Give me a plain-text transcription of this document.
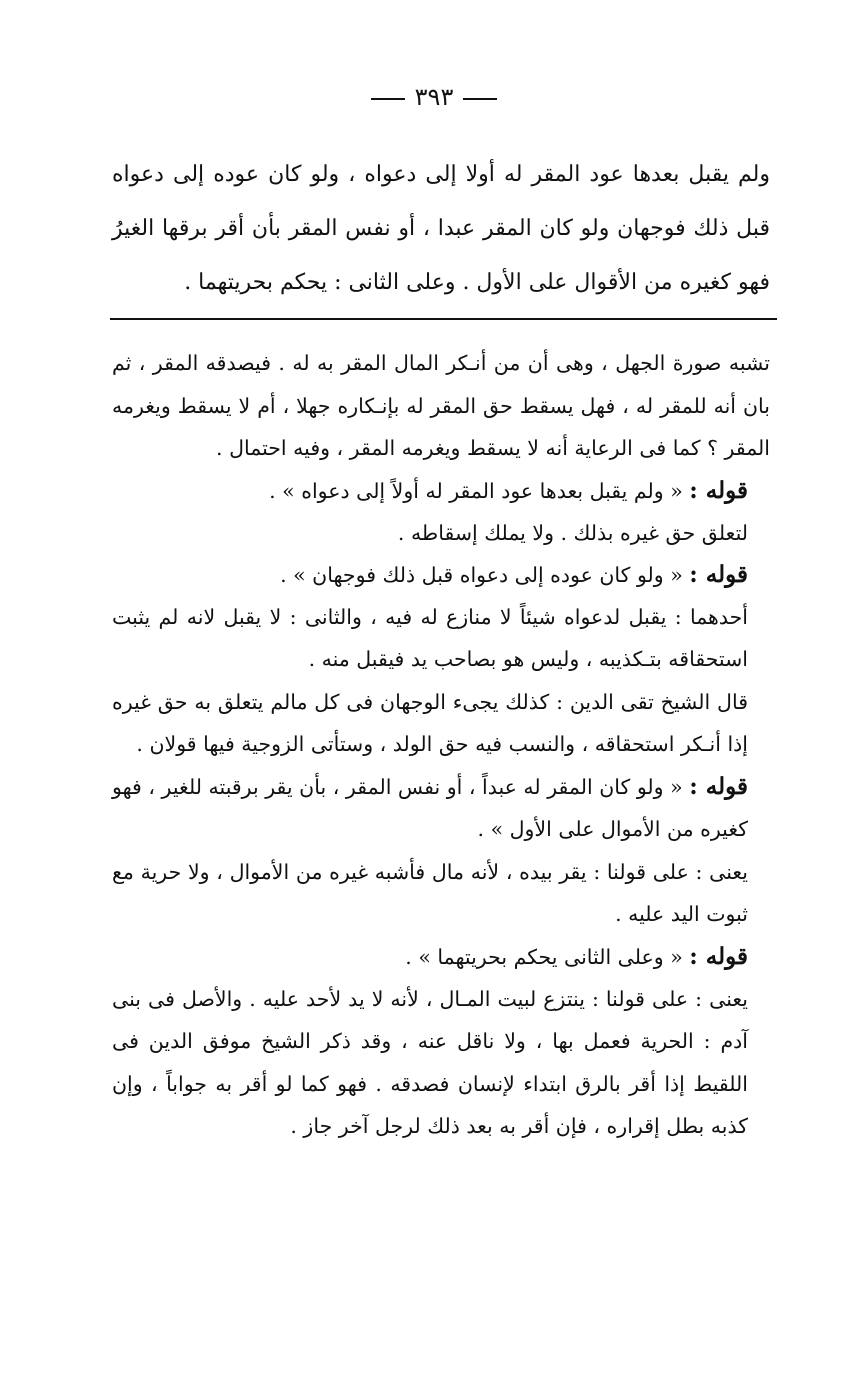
٣٩٣
ولم يقبل بعدها عود المقر له أولا إلى دعواه ، ولو كان عوده إلى دعواه قبل ذلك فوجهان ولو كان المقر عبدا ، أو نفس المقر بأن أقر برقها الغيرُ فهو كغيره من الأقوال على الأول . وعلى الثانى : يحكم بحريتهما .

تشبه صورة الجهل ، وهى أن من أنـكر المال المقر به له . فيصدقه المقر ، ثم بان أنه للمقر له ، فهل يسقط حق المقر له بإنـكاره جهلا ، أم لا يسقط ويغرمه المقر ؟ كما فى الرعاية أنه لا يسقط ويغرمه المقر ، وفيه احتمال .

قوله : « ولم يقبل بعدها عود المقر له أولاً إلى دعواه » .

لتعلق حق غيره بذلك . ولا يملك إسقاطه .

قوله : « ولو كان عوده إلى دعواه قبل ذلك فوجهان » .

أحدهما : يقبل لدعواه شيئاً لا منازع له فيه ، والثانى : لا يقبل لانه لم يثبت استحقاقه بتـكذيبه ، وليس هو بصاحب يد فيقبل منه .

قال الشيخ تقى الدين : كذلك يجىء الوجهان فى كل مالم يتعلق به حق غيره إذا أنـكر استحقاقه ، والنسب فيه حق الولد ، وستأتى الزوجية فيها قولان .

قوله : « ولو كان المقر له عبداً ، أو نفس المقر ، بأن يقر برقبته للغير ، فهو كغيره من الأموال على الأول » .

يعنى : على قولنا : يقر بيده ، لأنه مال فأشبه غيره من الأموال ، ولا حرية مع ثبوت اليد عليه .

قوله : « وعلى الثانى يحكم بحريتهما » .

يعنى : على قولنا : ينتزع لبيت المـال ، لأنه لا يد لأحد عليه . والأصل فى بنى آدم : الحرية فعمل بها ، ولا ناقل عنه ، وقد ذكر الشيخ موفق الدين فى اللقيط إذا أقر بالرق ابتداء لإنسان فصدقه . فهو كما لو أقر به جواباً ، وإن كذبه بطل إقراره ، فإن أقر به بعد ذلك لرجل آخر جاز .
